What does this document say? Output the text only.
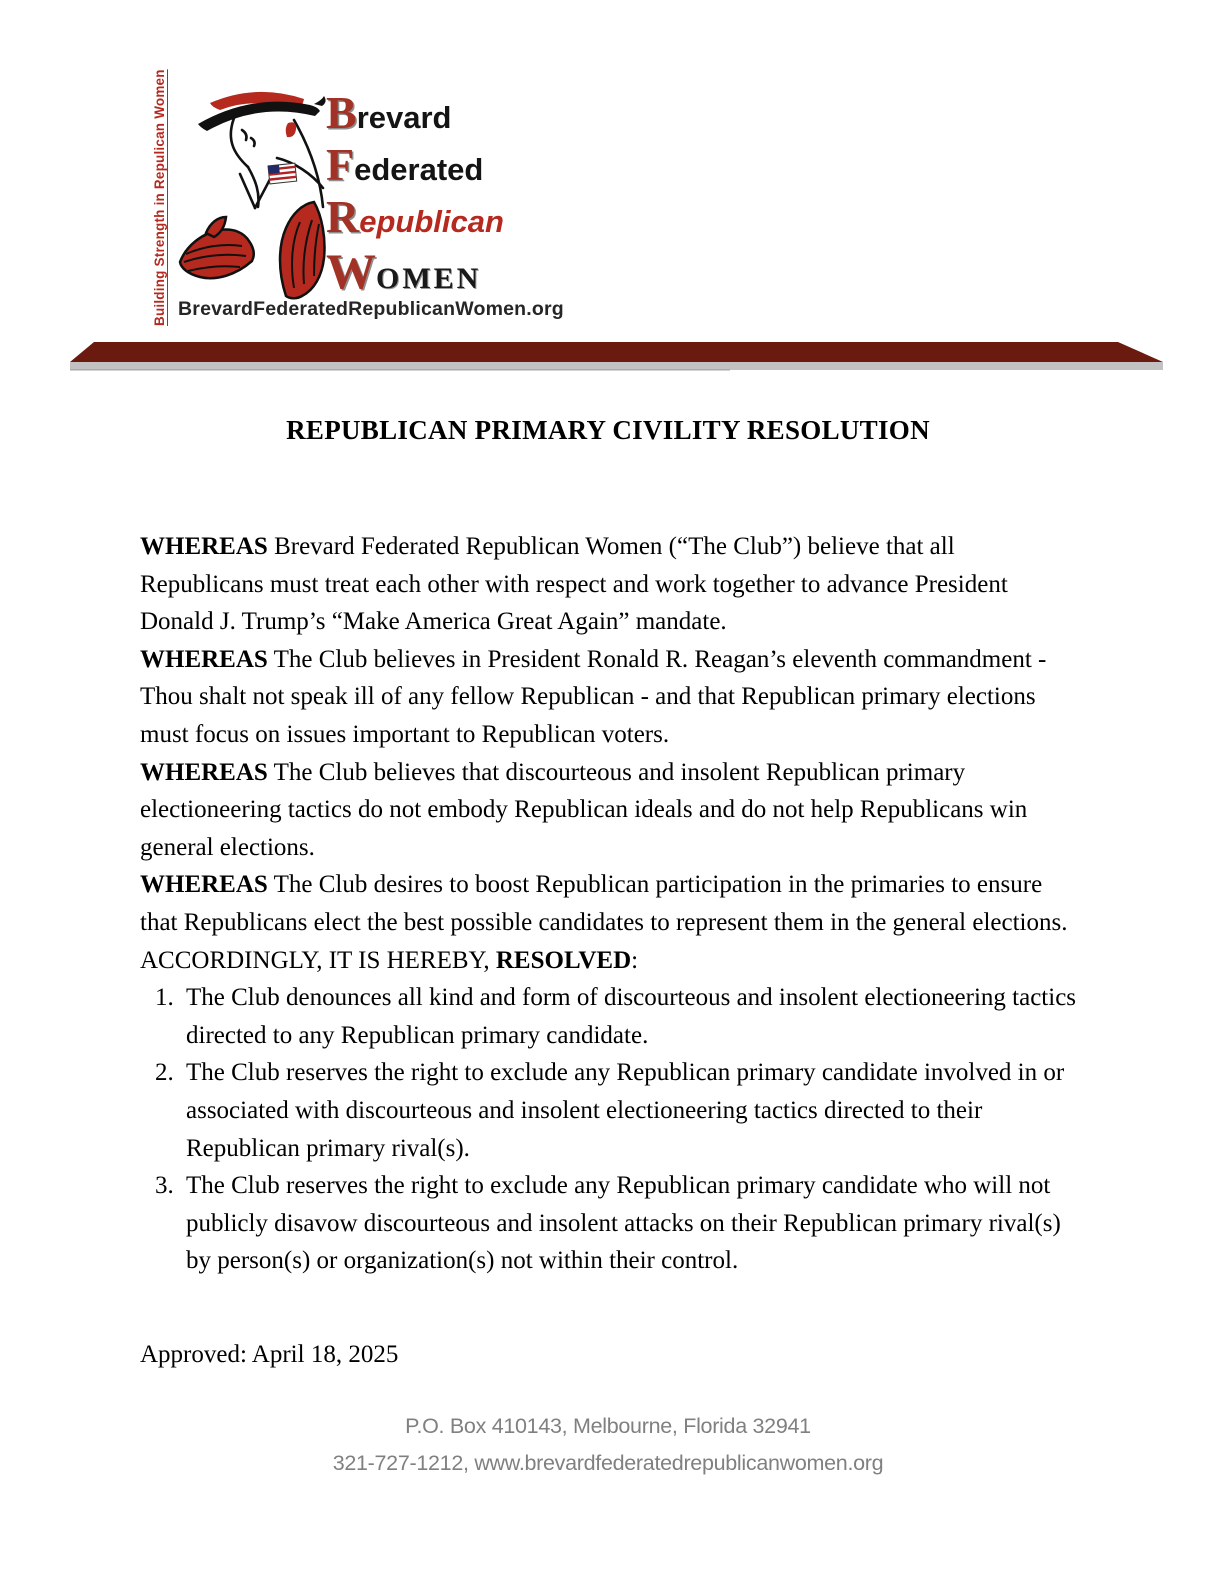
Building Strength in Repulican Women	B revard
F ederated
R epublican
W OMEN
BrevardFederatedRepublicanWomen.org
REPUBLICAN PRIMARY CIVILITY RESOLUTION

WHEREAS Brevard Federated Republican Women (“The Club”) believe that all Republicans must treat each other with respect and work together to advance President Donald J. Trump’s “Make America Great Again” mandate.

WHEREAS The Club believes in President Ronald R. Reagan’s eleventh commandment - Thou shalt not speak ill of any fellow Republican - and that Republican primary elections must focus on issues important to Republican voters.

WHEREAS The Club believes that discourteous and insolent Republican primary electioneering tactics do not embody Republican ideals and do not help Republicans win general elections.

WHEREAS The Club desires to boost Republican participation in the primaries to ensure that Republicans elect the best possible candidates to represent them in the general elections.

ACCORDINGLY, IT IS HEREBY, RESOLVED:

1. The Club denounces all kind and form of discourteous and insolent electioneering tactics directed to any Republican primary candidate.
2. The Club reserves the right to exclude any Republican primary candidate involved in or associated with discourteous and insolent electioneering tactics directed to their Republican primary rival(s).
3. The Club reserves the right to exclude any Republican primary candidate who will not publicly disavow discourteous and insolent attacks on their Republican primary rival(s) by person(s) or organization(s) not within their control.
Approved: April 18, 2025
P.O. Box 410143, Melbourne, Florida 32941
321-727-1212, www.brevardfederatedrepublicanwomen.org
